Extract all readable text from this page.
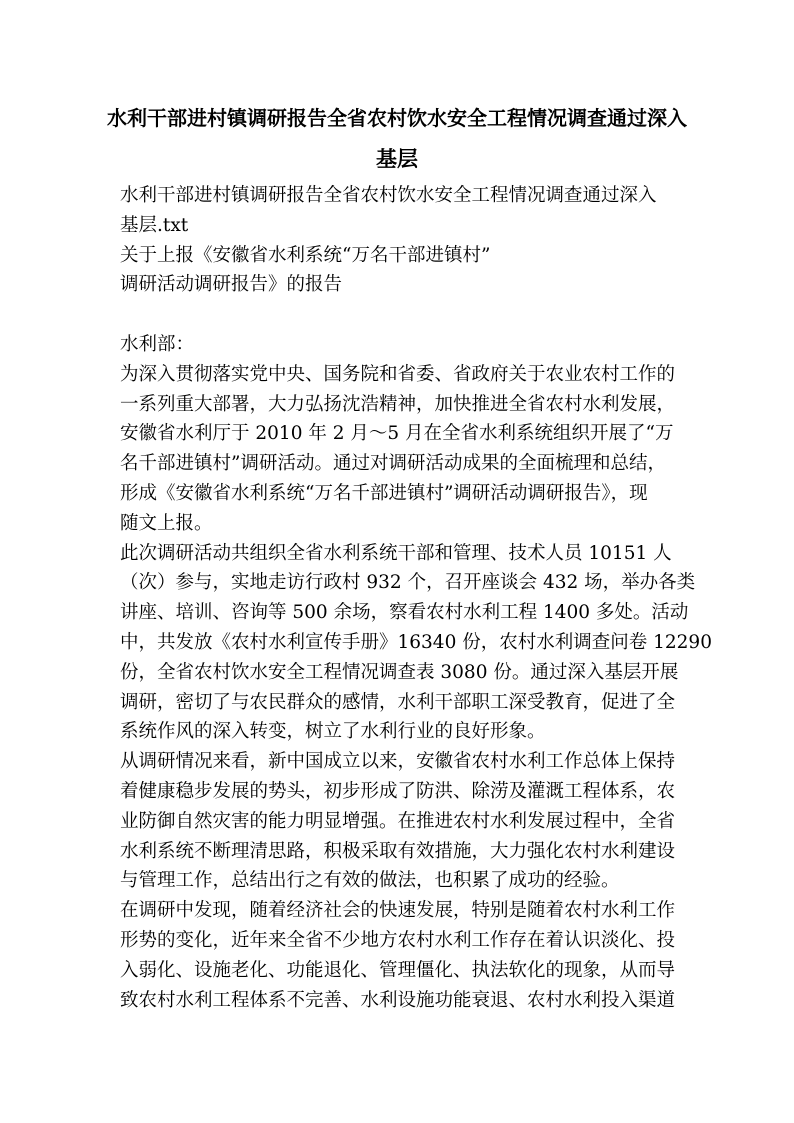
水利干部进村镇调研报告全省农村饮水安全工程情况调查通过深入
基层
水利干部进村镇调研报告全省农村饮水安全工程情况调查通过深入
基层.txt
关于上报《安徽省水利系统“万名干部进镇村”
调研活动调研报告》的报告
水利部：
为深入贯彻落实党中央、国务院和省委、省政府关于农业农村工作的
一系列重大部署，大力弘扬沈浩精神，加快推进全省农村水利发展，
安徽省水利厅于 2010 年 2 月～5 月在全省水利系统组织开展了“万
名千部进镇村”调研活动。通过对调研活动成果的全面梳理和总结，
形成《安徽省水利系统“万名千部进镇村”调研活动调研报告》，现
随文上报。
此次调研活动共组织全省水利系统干部和管理、技术人员 10151 人
（次）参与，实地走访行政村 932 个，召开座谈会 432 场，举办各类
讲座、培训、咨询等 500 余场，察看农村水利工程 1400 多处。活动
中，共发放《农村水利宣传手册》16340 份，农村水利调查问卷 12290
份，全省农村饮水安全工程情况调查表 3080 份。通过深入基层开展
调研，密切了与农民群众的感情，水利干部职工深受教育，促进了全
系统作风的深入转变，树立了水利行业的良好形象。
从调研情况来看，新中国成立以来，安徽省农村水利工作总体上保持
着健康稳步发展的势头，初步形成了防洪、除涝及灌溉工程体系，农
业防御自然灾害的能力明显增强。在推进农村水利发展过程中，全省
水利系统不断理清思路，积极采取有效措施，大力强化农村水利建设
与管理工作，总结出行之有效的做法，也积累了成功的经验。
在调研中发现，随着经济社会的快速发展，特别是随着农村水利工作
形势的变化，近年来全省不少地方农村水利工作存在着认识淡化、投
入弱化、设施老化、功能退化、管理僵化、执法软化的现象，从而导
致农村水利工程体系不完善、水利设施功能衰退、农村水利投入渠道
